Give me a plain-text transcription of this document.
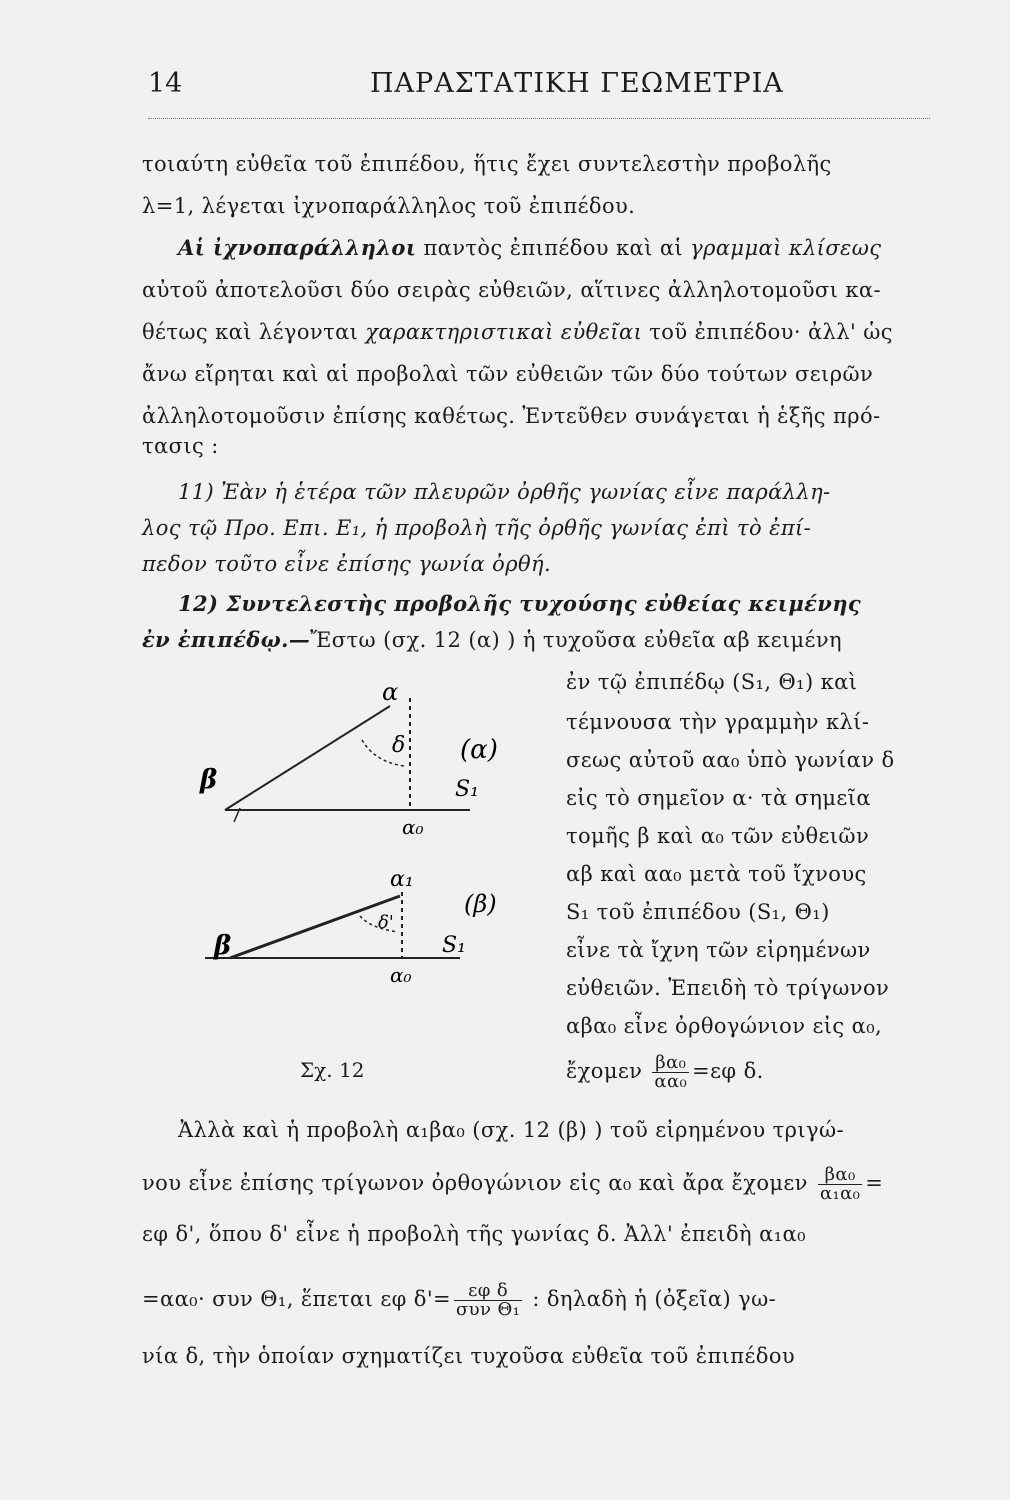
14	ΠΑΡΑΣΤΑΤΙΚΗ ΓΕΩΜΕΤΡΙΑ
τοιαύτη εὐθεῖα τοῦ ἐπιπέδου, ἥτις ἔχει συντελεστὴν προβολῆς
λ=1, λέγεται ἰχνοπαράλληλος τοῦ ἐπιπέδου.
Αἱ ἰχνοπαράλληλοι παντὸς ἐπιπέδου καὶ αἱ γραμμαὶ κλίσεως
αὐτοῦ ἀποτελοῦσι δύο σειρὰς εὐθειῶν, αἵτινες ἀλληλοτομοῦσι κα-
θέτως καὶ λέγονται χαρακτηριστικαὶ εὐθεῖαι τοῦ ἐπιπέδου· ἀλλ' ὡς
ἄνω εἴρηται καὶ αἱ προβολαὶ τῶν εὐθειῶν τῶν δύο τούτων σειρῶν
ἀλληλοτομοῦσιν ἐπίσης καθέτως. Ἐντεῦθεν συνάγεται ἡ ἑξῆς πρό-
τασις :
11) Ἐὰν ἡ ἑτέρα τῶν πλευρῶν ὀρθῆς γωνίας εἶνε παράλλη-
λος τῷ Προ. Επι. Ε₁, ἡ προβολὴ τῆς ὀρθῆς γωνίας ἐπὶ τὸ ἐπί-
πεδον τοῦτο εἶνε ἐπίσης γωνία ὀρθή.
12) Συντελεστὴς προβολῆς τυχούσης εὐθείας κειμένης
ἐν ἐπιπέδῳ.—Ἔστω (σχ. 12 (α) ) ἡ τυχοῦσα εὐθεῖα αβ κειμένη
ἐν τῷ ἐπιπέδῳ (S₁, Θ₁) καὶ
τέμνουσα τὴν γραμμὴν κλί-
σεως αὐτοῦ αα₀ ὑπὸ γωνίαν δ
εἰς τὸ σημεῖον α· τὰ σημεῖα
τομῆς β καὶ α₀ τῶν εὐθειῶν
αβ καὶ αα₀ μετὰ τοῦ ἴχνους
S₁ τοῦ ἐπιπέδου (S₁, Θ₁)
εἶνε τὰ ἴχνη τῶν εἰρημένων
εὐθειῶν. Ἐπειδὴ τὸ τρίγωνον
αβα₀ εἶνε ὀρθογώνιον εἰς α₀,
ἔχομεν $\frac{\text{βα₀}}{\text{αα₀}} =\varepsilon\varphi$ δ.
α
β
δ
α₀
S₁
(α)
α₁
β
δ'
α₀
S₁
(β)
Σχ. 12
Ἀλλὰ καὶ ἡ προβολὴ α₁βα₀ (σχ. 12 (β) ) τοῦ εἰρημένου τριγώ-
νου εἶνε ἐπίσης τρίγωνον ὀρθογώνιον εἰς α₀ καὶ ἄρα ἔχομεν $\frac{\text{βα₀}}{\text{α₁α₀}}$ =
εφ δ', ὅπου δ' εἶνε ἡ προβολὴ τῆς γωνίας δ. Ἀλλ' ἐπειδὴ α₁α₀
=αα₀· συν Θ₁, ἕπεται εφ $\delta'= \frac{\text{εφ δ}}{\text{συν Θ₁}}$ : δηλαδὴ ἡ (ὀξεῖα) γω-
νία δ, τὴν ὁποίαν σχηματίζει τυχοῦσα εὐθεῖα τοῦ ἐπιπέδου
